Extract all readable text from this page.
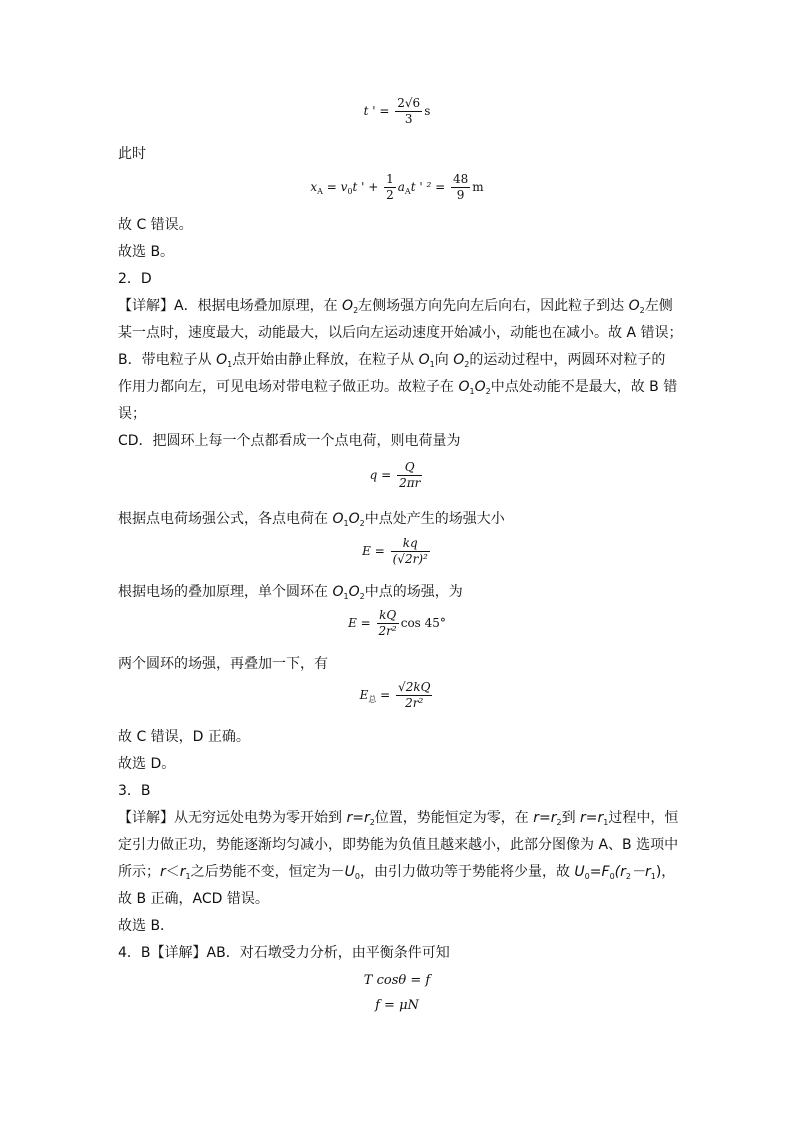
t ' = $\frac{2√6}{3}$ s
此时
$x_A = v_0t$ ' + $\frac{1}{2} a_At$ ' $^2 = \frac{48}{9}$ m
故 C 错误。
故选 B。
2．D
【详解】A．根据电场叠加原理，在 $O_2$左侧场强方向先向左后向右，因此粒子到达 $O_2$左侧
某一点时，速度最大，动能最大，以后向左运动速度开始减小，动能也在减小。故 A 错误；
B．带电粒子从 $O_1$点开始由静止释放，在粒子从 $O_1$向 $O_2$的运动过程中，两圆环对粒子的
作用力都向左，可见电场对带电粒子做正功。故粒子在 $O_1O_2$中点处动能不是最大，故 B 错
误；
CD．把圆环上每一个点都看成一个点电荷，则电荷量为
$q = \frac{Q}{2\pi r}$
根据点电荷场强公式，各点电荷在 $O_1O_2$中点处产生的场强大小
$E = \frac{kq}{\text{(√2r)²}}$
根据电场的叠加原理，单个圆环在 $O_1O_2$中点的场强，为
$E = \frac{kQ}{\text{2r²}}$ cos 45°
两个圆环的场强，再叠加一下，有
$E_总 = \frac{√2kQ}{\text{2r²}}$
故 C 错误，D 正确。
故选 D。
3．B
【详解】从无穷远处电势为零开始到 $r=r_2$位置，势能恒定为零，在 $r=r_2$到 $r=r_1$过程中，恒
定引力做正功，势能逐渐均匀减小，即势能为负值且越来越小，此部分图像为 A、B 选项中
所示；$r<r_1$之后势能不变，恒定为$-U_0$，由引力做功等于势能将少量，故 $U_0=F_0(r_2-r_1)$，
故 B 正确，ACD 错误。
故选 B．
4．B【详解】AB．对石墩受力分析，由平衡条件可知
T cosθ = f
f = μN
